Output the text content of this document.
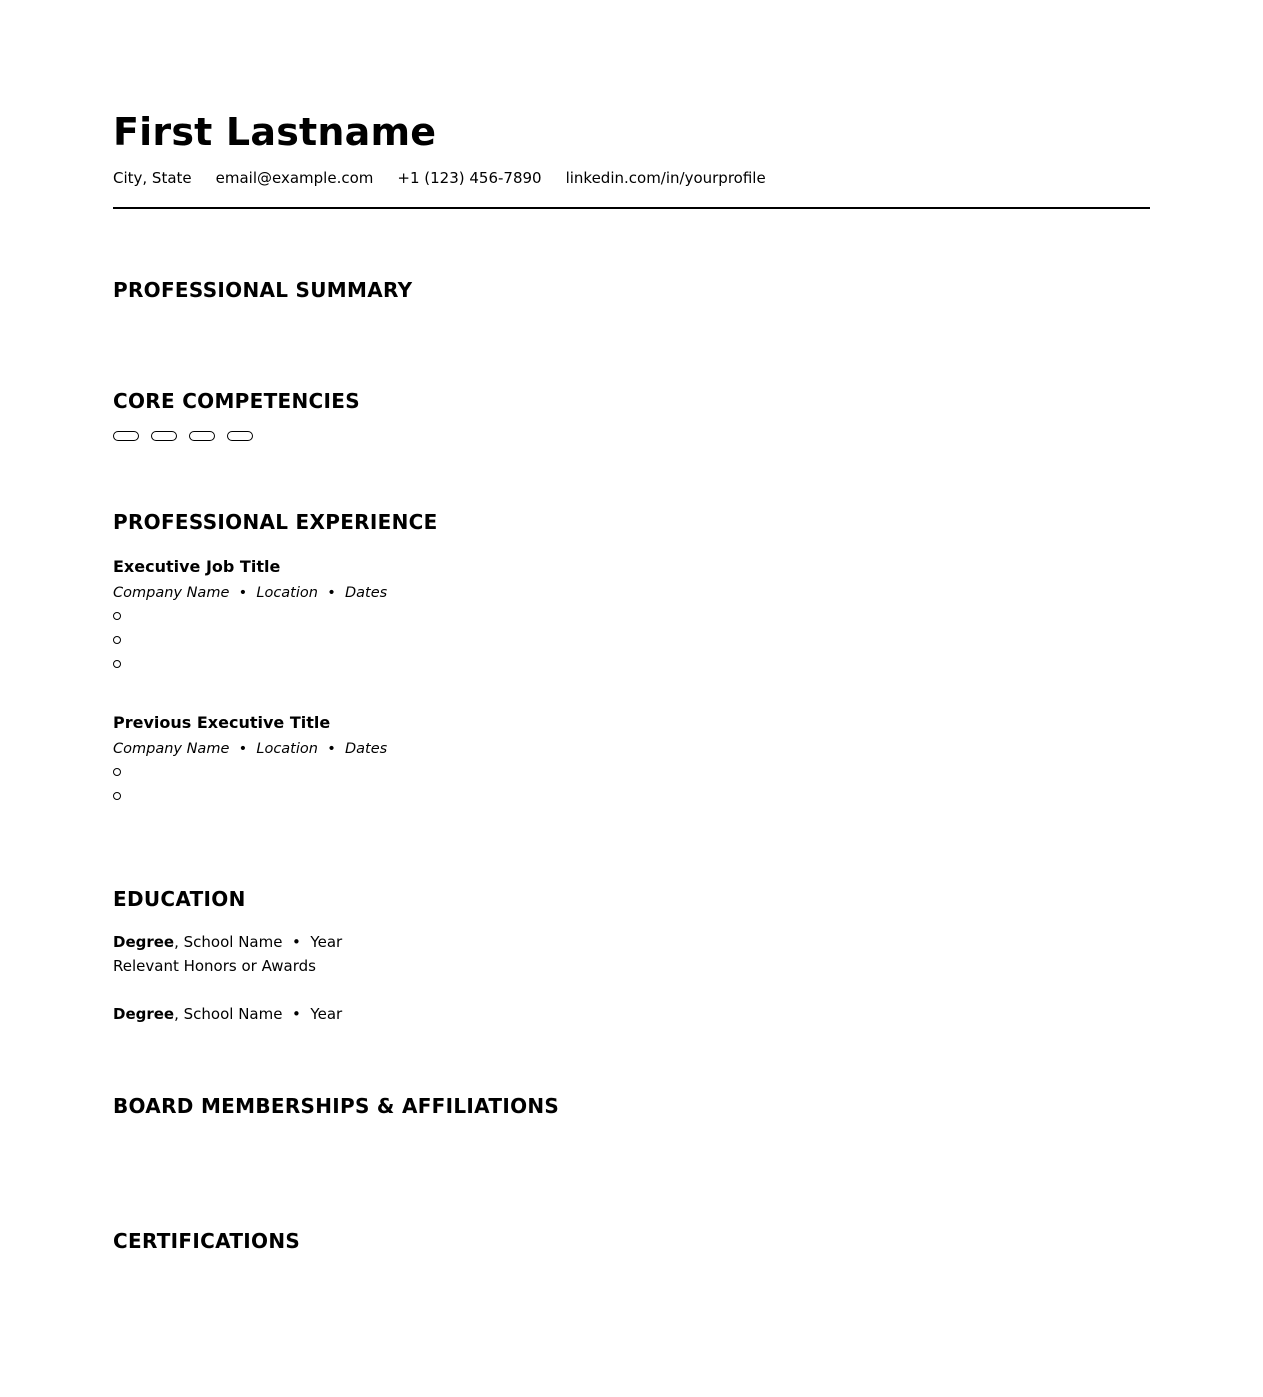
First Lastname
City, State email@example.com +1 (123) 456-7890 linkedin.com/in/yourprofile
PROFESSIONAL SUMMARY
CORE COMPETENCIES
PROFESSIONAL EXPERIENCE
Executive Job Title
Company Name • Location • Dates
Previous Executive Title
Company Name • Location • Dates
EDUCATION
Degree, School Name • Year
Relevant Honors or Awards
Degree, School Name • Year
BOARD MEMBERSHIPS & AFFILIATIONS
CERTIFICATIONS
